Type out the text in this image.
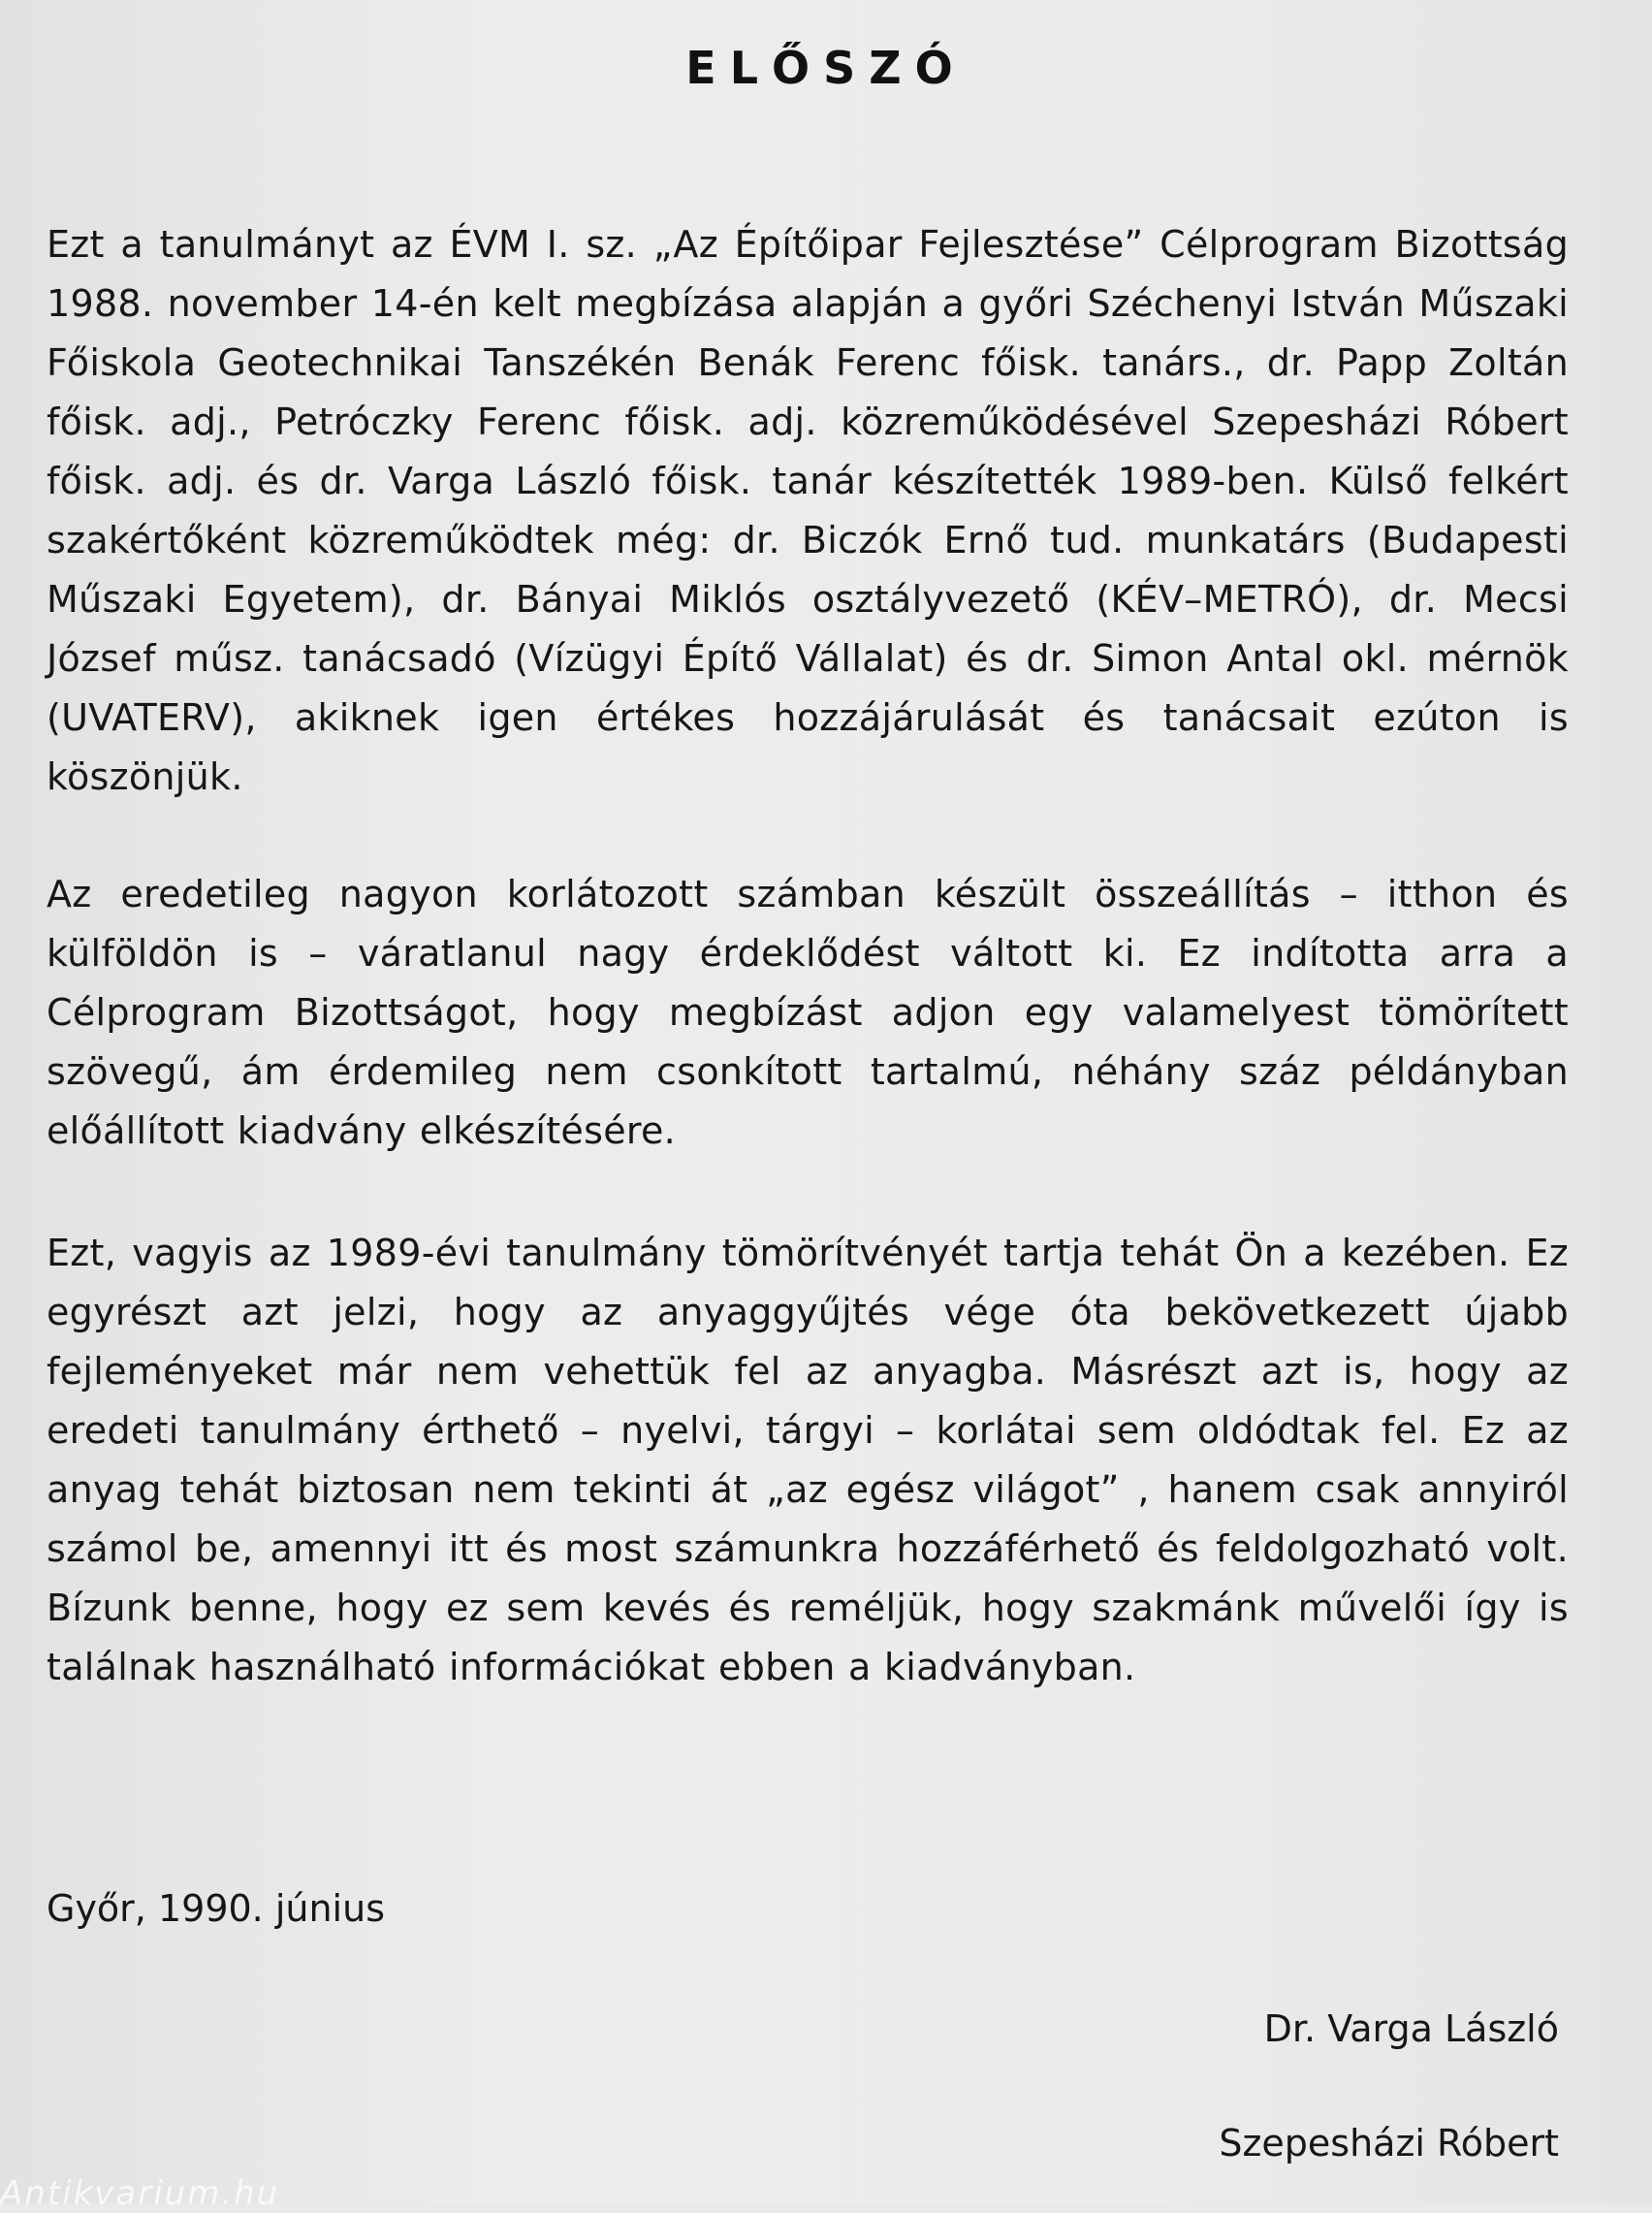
ELŐSZÓ

Ezt a tanulmányt az ÉVM I. sz. „Az Építőipar Fejlesztése” Célprogram Bizottság 1988. november 14-én kelt megbízása alapján a győri Széchenyi István Műszaki Főiskola Geotechnikai Tanszékén Benák Ferenc főisk. tanárs., dr. Papp Zoltán főisk. adj., Petróczky Ferenc főisk. adj. közreműködésével Szepesházi Róbert főisk. adj. és dr. Varga László főisk. tanár készítették 1989-ben. Külső felkért szakértőként közreműködtek még: dr. Biczók Ernő tud. munkatárs (Budapesti Műszaki Egyetem), dr. Bányai Miklós osztályvezető (KÉV–METRÓ), dr. Mecsi József műsz. tanácsadó (Vízügyi Építő Vállalat) és dr. Simon Antal okl. mérnök (UVATERV), akiknek igen értékes hozzájárulását és tanácsait ezúton is köszönjük.

Az eredetileg nagyon korlátozott számban készült összeállítás – itthon és külföldön is – váratlanul nagy érdeklődést váltott ki. Ez indította arra a Célprogram Bizottságot, hogy megbízást adjon egy valamelyest tömörített szövegű, ám érdemileg nem csonkított tartalmú, néhány száz példányban előállított kiadvány elkészítésére.

Ezt, vagyis az 1989-évi tanulmány tömörítvényét tartja tehát Ön a kezében. Ez egyrészt azt jelzi, hogy az anyaggyűjtés vége óta bekövetkezett újabb fejleményeket már nem vehettük fel az anyagba. Másrészt azt is, hogy az eredeti tanulmány érthető – nyelvi, tárgyi – korlátai sem oldódtak fel. Ez az anyag tehát biztosan nem tekinti át „az egész világot” , hanem csak annyiról számol be, amennyi itt és most számunkra hozzáférhető és feldolgozható volt. Bízunk benne, hogy ez sem kevés és reméljük, hogy szakmánk művelői így is találnak használható információkat ebben a kiadványban.

Győr, 1990. június

Dr. Varga László

Szepesházi Róbert

Antikvarium.hu
